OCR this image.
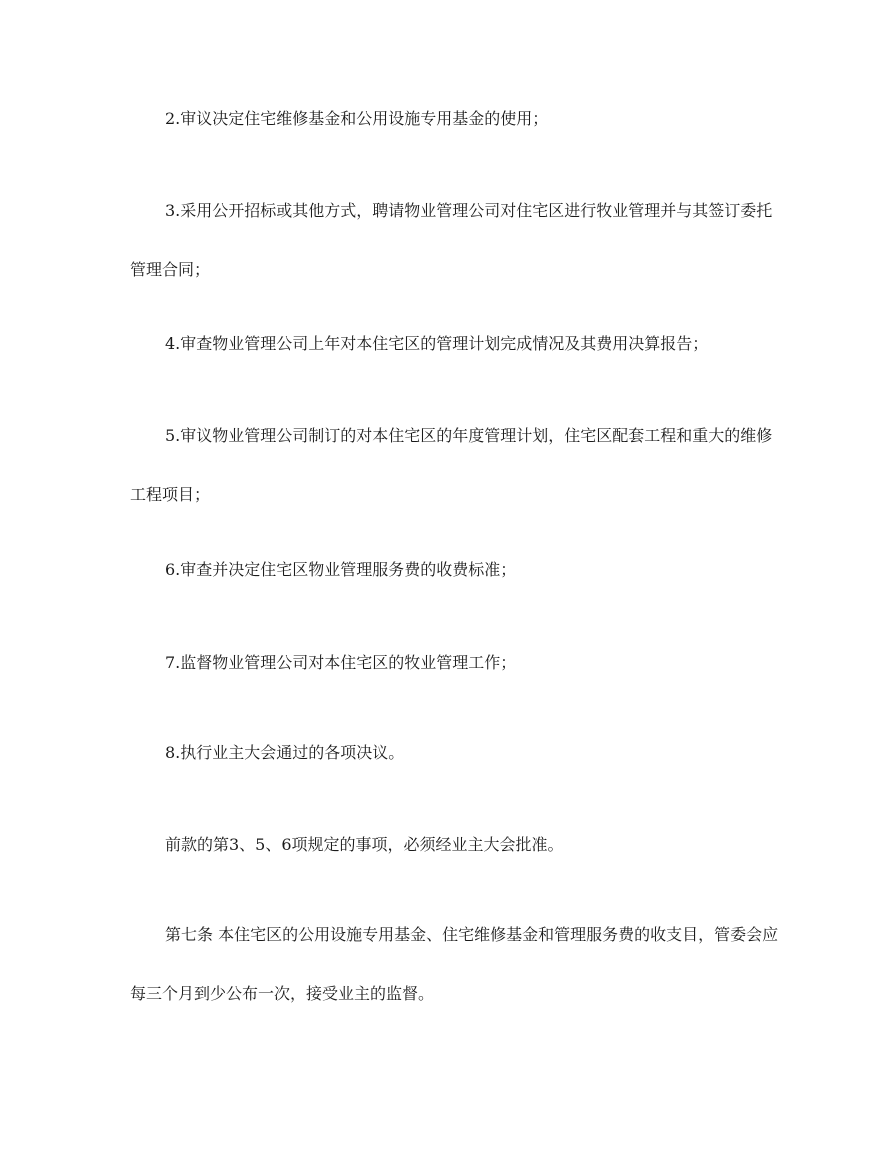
2.审议决定住宅维修基金和公用设施专用基金的使用；

3.采用公开招标或其他方式，聘请物业管理公司对住宅区进行牧业管理并与其签订委托管理合同；

4.审查物业管理公司上年对本住宅区的管理计划完成情况及其费用决算报告；

5.审议物业管理公司制订的对本住宅区的年度管理计划，住宅区配套工程和重大的维修工程项目；

6.审查并决定住宅区物业管理服务费的收费标准；

7.监督物业管理公司对本住宅区的牧业管理工作；

8.执行业主大会通过的各项决议。

前款的第3、5、6项规定的事项，必须经业主大会批准。

第七条 本住宅区的公用设施专用基金、住宅维修基金和管理服务费的收支目，管委会应每三个月到少公布一次，接受业主的监督。
